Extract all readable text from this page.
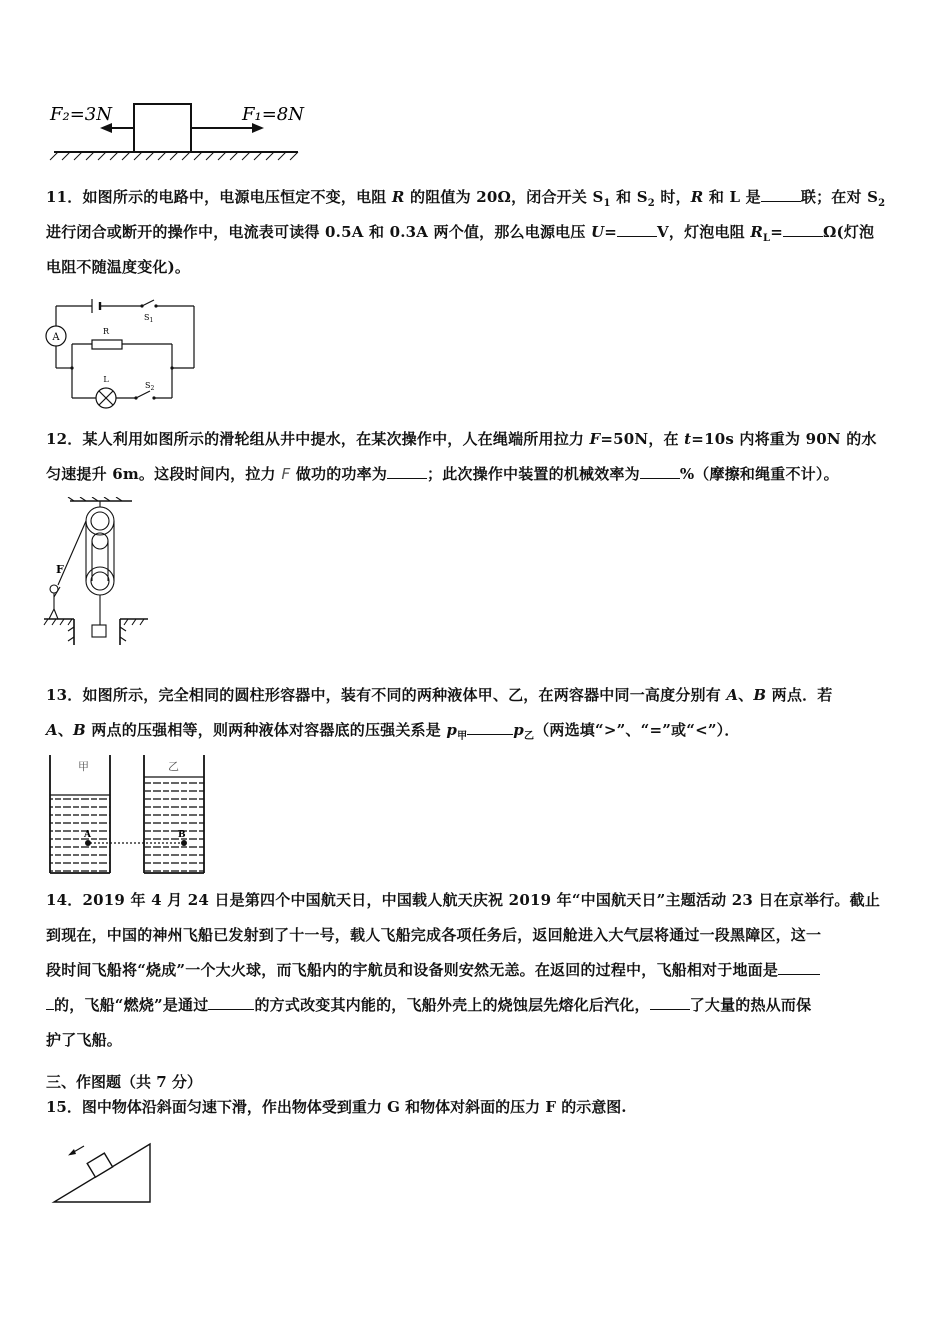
F₂=3N	F₁=8N
11．如图所示的电路中，电源电压恒定不变，电阻 R 的阻值为 20Ω，闭合开关 $S_1$ 和 $S_2$ 时，R 和 L 是	联；在对 $S_2$
进行闭合或断开的操作中，电流表可读得 0.5A 和 0.3A 两个值，那么电源电压 U=	V，灯泡电阻 $R_L=$	Ω(灯泡
电阻不随温度变化)。
A
R
L
$S_1$
$S_2$
12．某人利用如图所示的滑轮组从井中提水，在某次操作中，人在绳端所用拉力 F=50N，在 t=10s 内将重为 90N 的水
匀速提升 6m。这段时间内，拉力 F 做功的功率为	；此次操作中装置的机械效率为	%（摩擦和绳重不计）。
F
13．如图所示，完全相同的圆柱形容器中，装有不同的两种液体甲、乙，在两容器中同一高度分别有 A、B 两点．若
A、B 两点的压强相等，则两种液体对容器底的压强关系是 $p_甲$	$p_乙$（两选填“>”、“=”或“<”）．
甲	乙
A	B
14．2019 年 4 月 24 日是第四个中国航天日，中国载人航天庆祝 2019 年“中国航天日”主题活动 23 日在京举行。截止
到现在，中国的神州飞船已发射到了十一号，载人飞船完成各项任务后，返回舱进入大气层将通过一段黑障区，这一
段时间飞船将“烧成”一个大火球，而飞船内的宇航员和设备则安然无恙。在返回的过程中，飞船相对于地面是
的，飞船“燃烧”是通过	的方式改变其内能的，飞船外壳上的烧蚀层先熔化后汽化，	了大量的热从而保
护了飞船。
三、作图题（共 7 分）
15．图中物体沿斜面匀速下滑，作出物体受到重力 G 和物体对斜面的压力 F 的示意图.
